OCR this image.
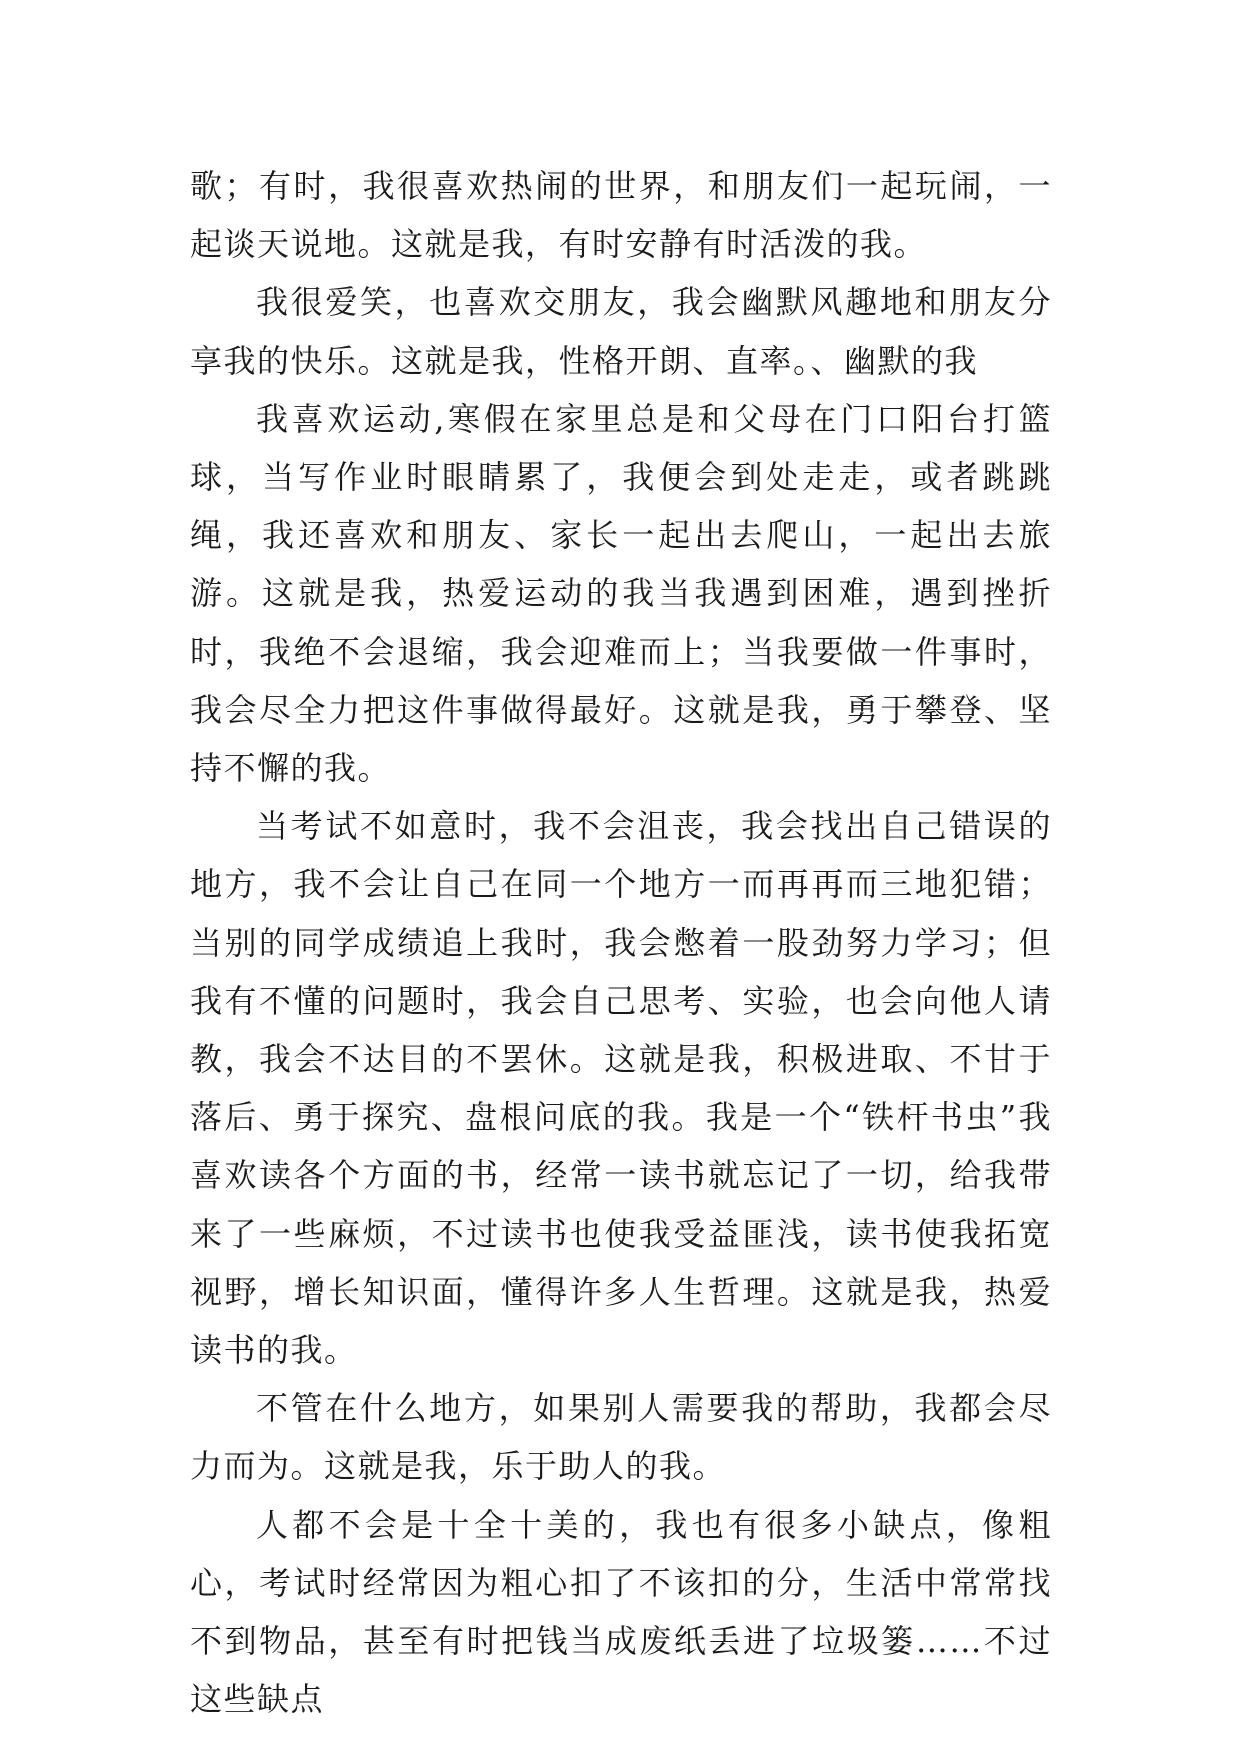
歌；有时，我很喜欢热闹的世界，和朋友们一起玩闹，一起谈天说地。这就是我，有时安静有时活泼的我。

我很爱笑，也喜欢交朋友，我会幽默风趣地和朋友分享我的快乐。这就是我，性格开朗、直率。、幽默的我

我喜欢运动,寒假在家里总是和父母在门口阳台打篮球，当写作业时眼睛累了，我便会到处走走，或者跳跳绳，我还喜欢和朋友、家长一起出去爬山，一起出去旅游。这就是我，热爱运动的我当我遇到困难，遇到挫折时，我绝不会退缩，我会迎难而上；当我要做一件事时，我会尽全力把这件事做得最好。这就是我，勇于攀登、坚持不懈的我。

当考试不如意时，我不会沮丧，我会找出自己错误的地方，我不会让自己在同一个地方一而再再而三地犯错；当别的同学成绩追上我时，我会憋着一股劲努力学习；但我有不懂的问题时，我会自己思考、实验，也会向他人请教，我会不达目的不罢休。这就是我，积极进取、不甘于落后、勇于探究、盘根问底的我。我是一个“铁杆书虫”我喜欢读各个方面的书，经常一读书就忘记了一切，给我带来了一些麻烦，不过读书也使我受益匪浅，读书使我拓宽视野，增长知识面，懂得许多人生哲理。这就是我，热爱读书的我。

不管在什么地方，如果别人需要我的帮助，我都会尽力而为。这就是我，乐于助人的我。

人都不会是十全十美的，我也有很多小缺点，像粗心，考试时经常因为粗心扣了不该扣的分，生活中常常找不到物品，甚至有时把钱当成废纸丢进了垃圾篓……不过这些缺点
